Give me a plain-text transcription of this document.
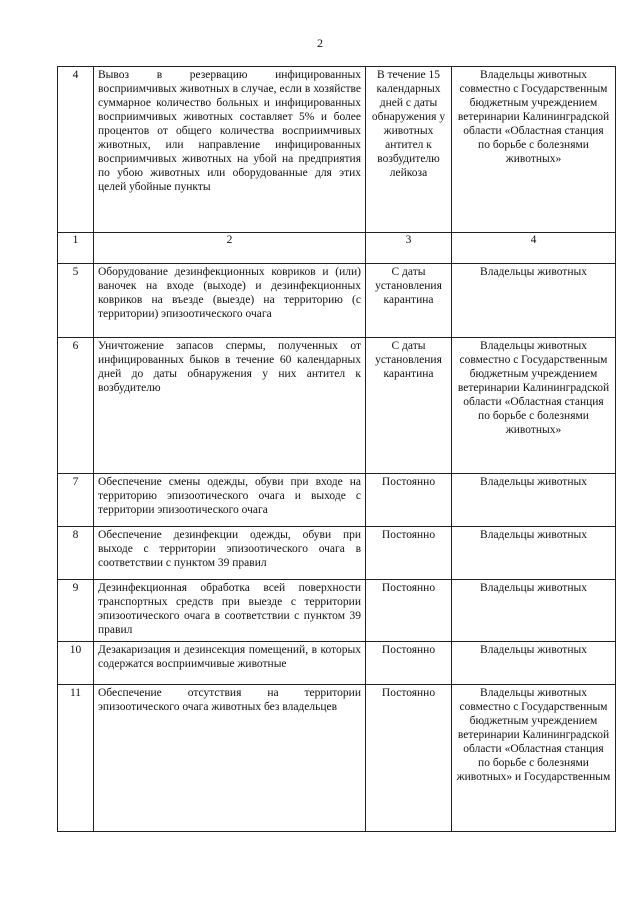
2
4	Вывоз в резервацию инфицированных восприимчивых животных в случае, если в хозяйстве суммарное количество больных и инфицированных восприимчивых животных составляет 5% и более процентов от общего количества восприимчивых животных, или направление инфицированных восприимчивых животных на убой на предприятия по убою животных или оборудованные для этих целей убойные пункты	В течение 15 календарных дней с даты обнаружения у животных антител к возбудителю лейкоза	Владельцы животных совместно с Государственным бюджетным учреждением ветеринарии Калининградской области «Областная станция по борьбе с болезнями животных»
1	2	3	4
5	Оборудование дезинфекционных ковриков и (или) ваночек на входе (выходе) и дезинфекционных ковриков на въезде (выезде) на территорию (с территории) эпизоотического очага	С даты установления карантина	Владельцы животных
6	Уничтожение запасов спермы, полученных от инфицированных быков в течение 60 календарных дней до даты обнаружения у них антител к возбудителю	С даты установления карантина	Владельцы животных совместно с Государственным бюджетным учреждением ветеринарии Калининградской области «Областная станция по борьбе с болезнями животных»
7	Обеспечение смены одежды, обуви при входе на территорию эпизоотического очага и выходе с территории эпизоотического очага	Постоянно	Владельцы животных
8	Обеспечение дезинфекции одежды, обуви при выходе с территории эпизоотического очага в соответствии с пунктом 39 правил	Постоянно	Владельцы животных
9	Дезинфекционная обработка всей поверхности транспортных средств при выезде с территории эпизоотического очага в соответствии с пунктом 39 правил	Постоянно	Владельцы животных
10	Дезакаризация и дезинсекция помещений, в которых содержатся восприимчивые животные	Постоянно	Владельцы животных
11	Обеспечение отсутствия на территории эпизоотического очага животных без владельцев	Постоянно	Владельцы животных совместно с Государственным бюджетным учреждением ветеринарии Калининградской области «Областная станция по борьбе с болезнями животных» и Государственным
